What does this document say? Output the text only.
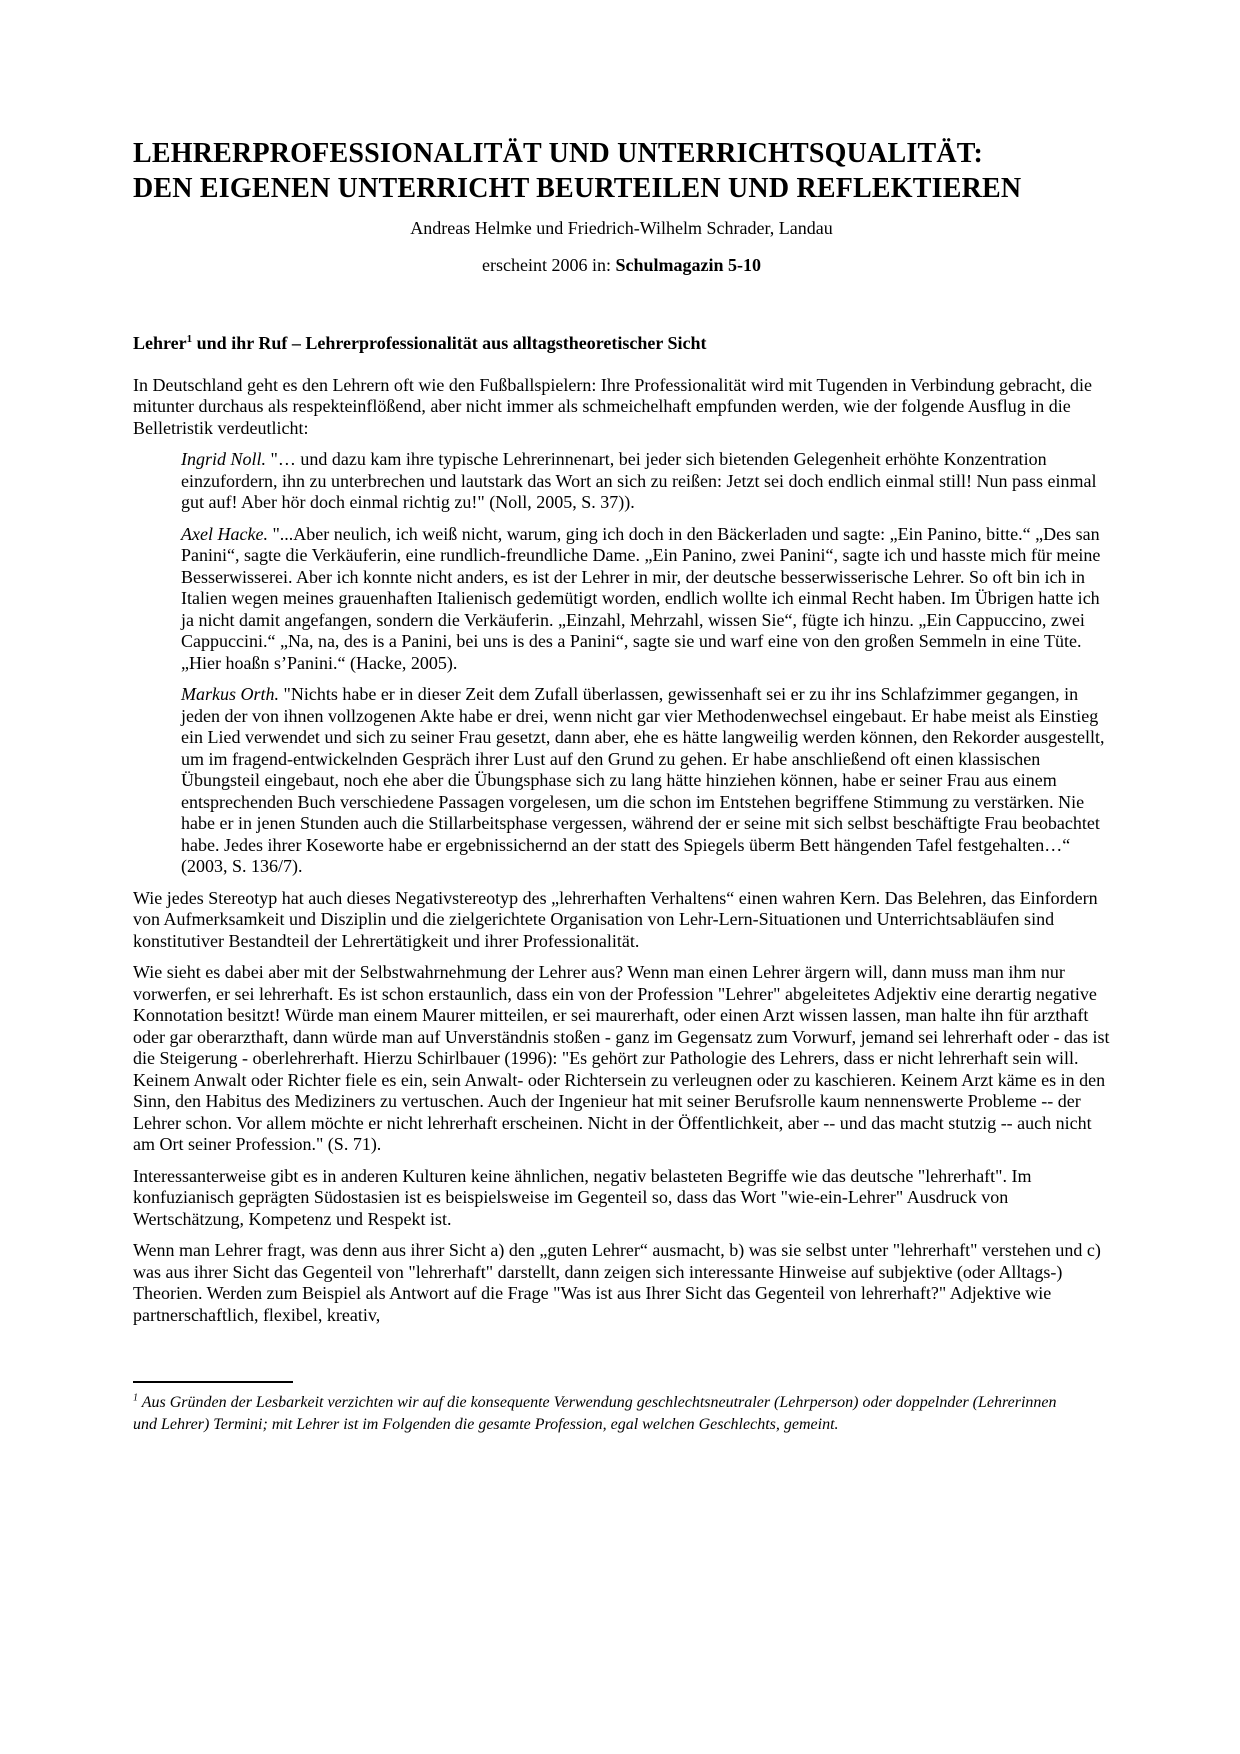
LEHRERPROFESSIONALITÄT UND UNTERRICHTSQUALITÄT:
DEN EIGENEN UNTERRICHT BEURTEILEN UND REFLEKTIEREN
Andreas Helmke und Friedrich-Wilhelm Schrader, Landau
erscheint 2006 in: Schulmagazin 5-10
Lehrer$^1$ und ihr Ruf – Lehrerprofessionalität aus alltagstheoretischer Sicht

In Deutschland geht es den Lehrern oft wie den Fußballspielern: Ihre Professionalität wird mit Tugenden in Verbindung gebracht, die mitunter durchaus als respekteinflößend, aber nicht immer als schmeichelhaft empfunden werden, wie der folgende Ausflug in die Belletristik verdeutlicht:

Ingrid Noll. "… und dazu kam ihre typische Lehrerinnenart, bei jeder sich bietenden Gelegenheit erhöhte Konzentration einzufordern, ihn zu unterbrechen und lautstark das Wort an sich zu reißen: Jetzt sei doch endlich einmal still! Nun pass einmal gut auf! Aber hör doch einmal richtig zu!" (Noll, 2005, S. 37)).
Axel Hacke. "...Aber neulich, ich weiß nicht, warum, ging ich doch in den Bäckerladen und sagte: „Ein Panino, bitte.“ „Des san Panini“, sagte die Verkäuferin, eine rundlich-freundliche Dame. „Ein Panino, zwei Panini“, sagte ich und hasste mich für meine Besserwisserei. Aber ich konnte nicht anders, es ist der Lehrer in mir, der deutsche besserwisserische Lehrer. So oft bin ich in Italien wegen meines grauenhaften Italienisch gedemütigt worden, endlich wollte ich einmal Recht haben. Im Übrigen hatte ich ja nicht damit angefangen, sondern die Verkäuferin. „Einzahl, Mehrzahl, wissen Sie“, fügte ich hinzu. „Ein Cappuccino, zwei Cappuccini.“ „Na, na, des is a Panini, bei uns is des a Panini“, sagte sie und warf eine von den großen Semmeln in eine Tüte. „Hier hoaßn s’Panini.“ (Hacke, 2005).
Markus Orth. "Nichts habe er in dieser Zeit dem Zufall überlassen, gewissenhaft sei er zu ihr ins Schlafzimmer gegangen, in jeden der von ihnen vollzogenen Akte habe er drei, wenn nicht gar vier Methodenwechsel eingebaut. Er habe meist als Einstieg ein Lied verwendet und sich zu seiner Frau gesetzt, dann aber, ehe es hätte langweilig werden können, den Rekorder ausgestellt, um im fragend-entwickelnden Gespräch ihrer Lust auf den Grund zu gehen. Er habe anschließend oft einen klassischen Übungsteil eingebaut, noch ehe aber die Übungsphase sich zu lang hätte hinziehen können, habe er seiner Frau aus einem entsprechenden Buch verschiedene Passagen vorgelesen, um die schon im Entstehen begriffene Stimmung zu verstärken. Nie habe er in jenen Stunden auch die Stillarbeitsphase vergessen, während der er seine mit sich selbst beschäftigte Frau beobachtet habe. Jedes ihrer Koseworte habe er ergebnissichernd an der statt des Spiegels überm Bett hängenden Tafel festgehalten…“ (2003, S. 136/7).

Wie jedes Stereotyp hat auch dieses Negativstereotyp des „lehrerhaften Verhaltens“ einen wahren Kern. Das Belehren, das Einfordern von Aufmerksamkeit und Disziplin und die zielgerichtete Organisation von Lehr-Lern-Situationen und Unterrichtsabläufen sind konstitutiver Bestandteil der Lehrertätigkeit und ihrer Professionalität.

Wie sieht es dabei aber mit der Selbstwahrnehmung der Lehrer aus? Wenn man einen Lehrer ärgern will, dann muss man ihm nur vorwerfen, er sei lehrerhaft. Es ist schon erstaunlich, dass ein von der Profession "Lehrer" abgeleitetes Adjektiv eine derartig negative Konnotation besitzt! Würde man einem Maurer mitteilen, er sei maurerhaft, oder einen Arzt wissen lassen, man halte ihn für arzthaft oder gar oberarzthaft, dann würde man auf Unverständnis stoßen - ganz im Gegensatz zum Vorwurf, jemand sei lehrerhaft oder - das ist die Steigerung - oberlehrerhaft. Hierzu Schirlbauer (1996): "Es gehört zur Pathologie des Lehrers, dass er nicht lehrerhaft sein will. Keinem Anwalt oder Richter fiele es ein, sein Anwalt- oder Richtersein zu verleugnen oder zu kaschieren. Keinem Arzt käme es in den Sinn, den Habitus des Mediziners zu vertuschen. Auch der Ingenieur hat mit seiner Berufsrolle kaum nennenswerte Probleme -- der Lehrer schon. Vor allem möchte er nicht lehrerhaft erscheinen. Nicht in der Öffentlichkeit, aber -- und das macht stutzig -- auch nicht am Ort seiner Profession." (S. 71).

Interessanterweise gibt es in anderen Kulturen keine ähnlichen, negativ belasteten Begriffe wie das deutsche "lehrerhaft". Im konfuzianisch geprägten Südostasien ist es beispielsweise im Gegenteil so, dass das Wort "wie-ein-Lehrer" Ausdruck von Wertschätzung, Kompetenz und Respekt ist.

Wenn man Lehrer fragt, was denn aus ihrer Sicht a) den „guten Lehrer“ ausmacht, b) was sie selbst unter "lehrerhaft" verstehen und c) was aus ihrer Sicht das Gegenteil von "lehrerhaft" darstellt, dann zeigen sich interessante Hinweise auf subjektive (oder Alltags-) Theorien. Werden zum Beispiel als Antwort auf die Frage "Was ist aus Ihrer Sicht das Gegenteil von lehrerhaft?" Adjektive wie partnerschaftlich, flexibel, kreativ,

$^1$ Aus Gründen der Lesbarkeit verzichten wir auf die konsequente Verwendung geschlechtsneutraler (Lehrperson) oder doppelnder (Lehrerinnen und Lehrer) Termini; mit Lehrer ist im Folgenden die gesamte Profession, egal welchen Geschlechts, gemeint.
